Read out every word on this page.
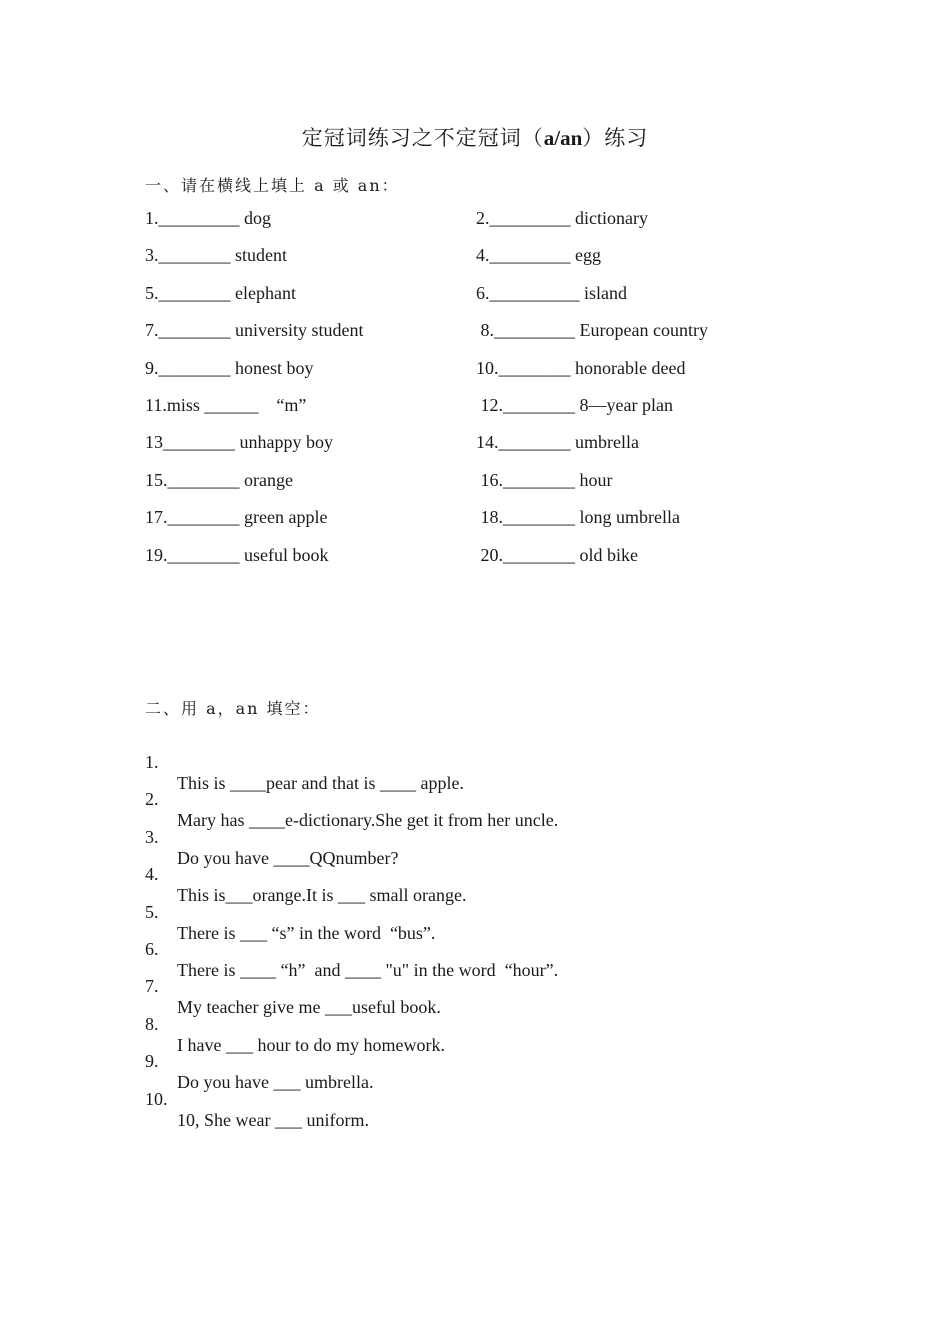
定冠词练习之不定冠词（a/an）练习
一、请在横线上填上 a 或 an：
1._________ dog	2._________ dictionary
3.________ student	4._________ egg
5.________ elephant	6.__________ island
7.________ university student	8._________ European country
9.________ honest boy	10.________ honorable deed
11.miss ______    “m”	12.________ 8—year plan
13________ unhappy boy	14.________ umbrella
15.________ orange	16.________ hour
17.________ green apple	18.________ long umbrella
19.________ useful book	20.________ old bike
二、用 a，an 填空：

1.

This is ____pear and that is ____ apple.

2.

Mary has ____e-dictionary.She get it from her uncle.

3.

Do you have ____QQnumber?

4.

This is___orange.It is ___ small orange.

5.

There is ___ “s” in the word  “bus”.

6.

There is ____ “h”  and ____ "u" in the word  “hour”.

7.

My teacher give me ___useful book.

8.

I have ___ hour to do my homework.

9.

Do you have ___ umbrella.

10.

10, She wear ___ uniform.
